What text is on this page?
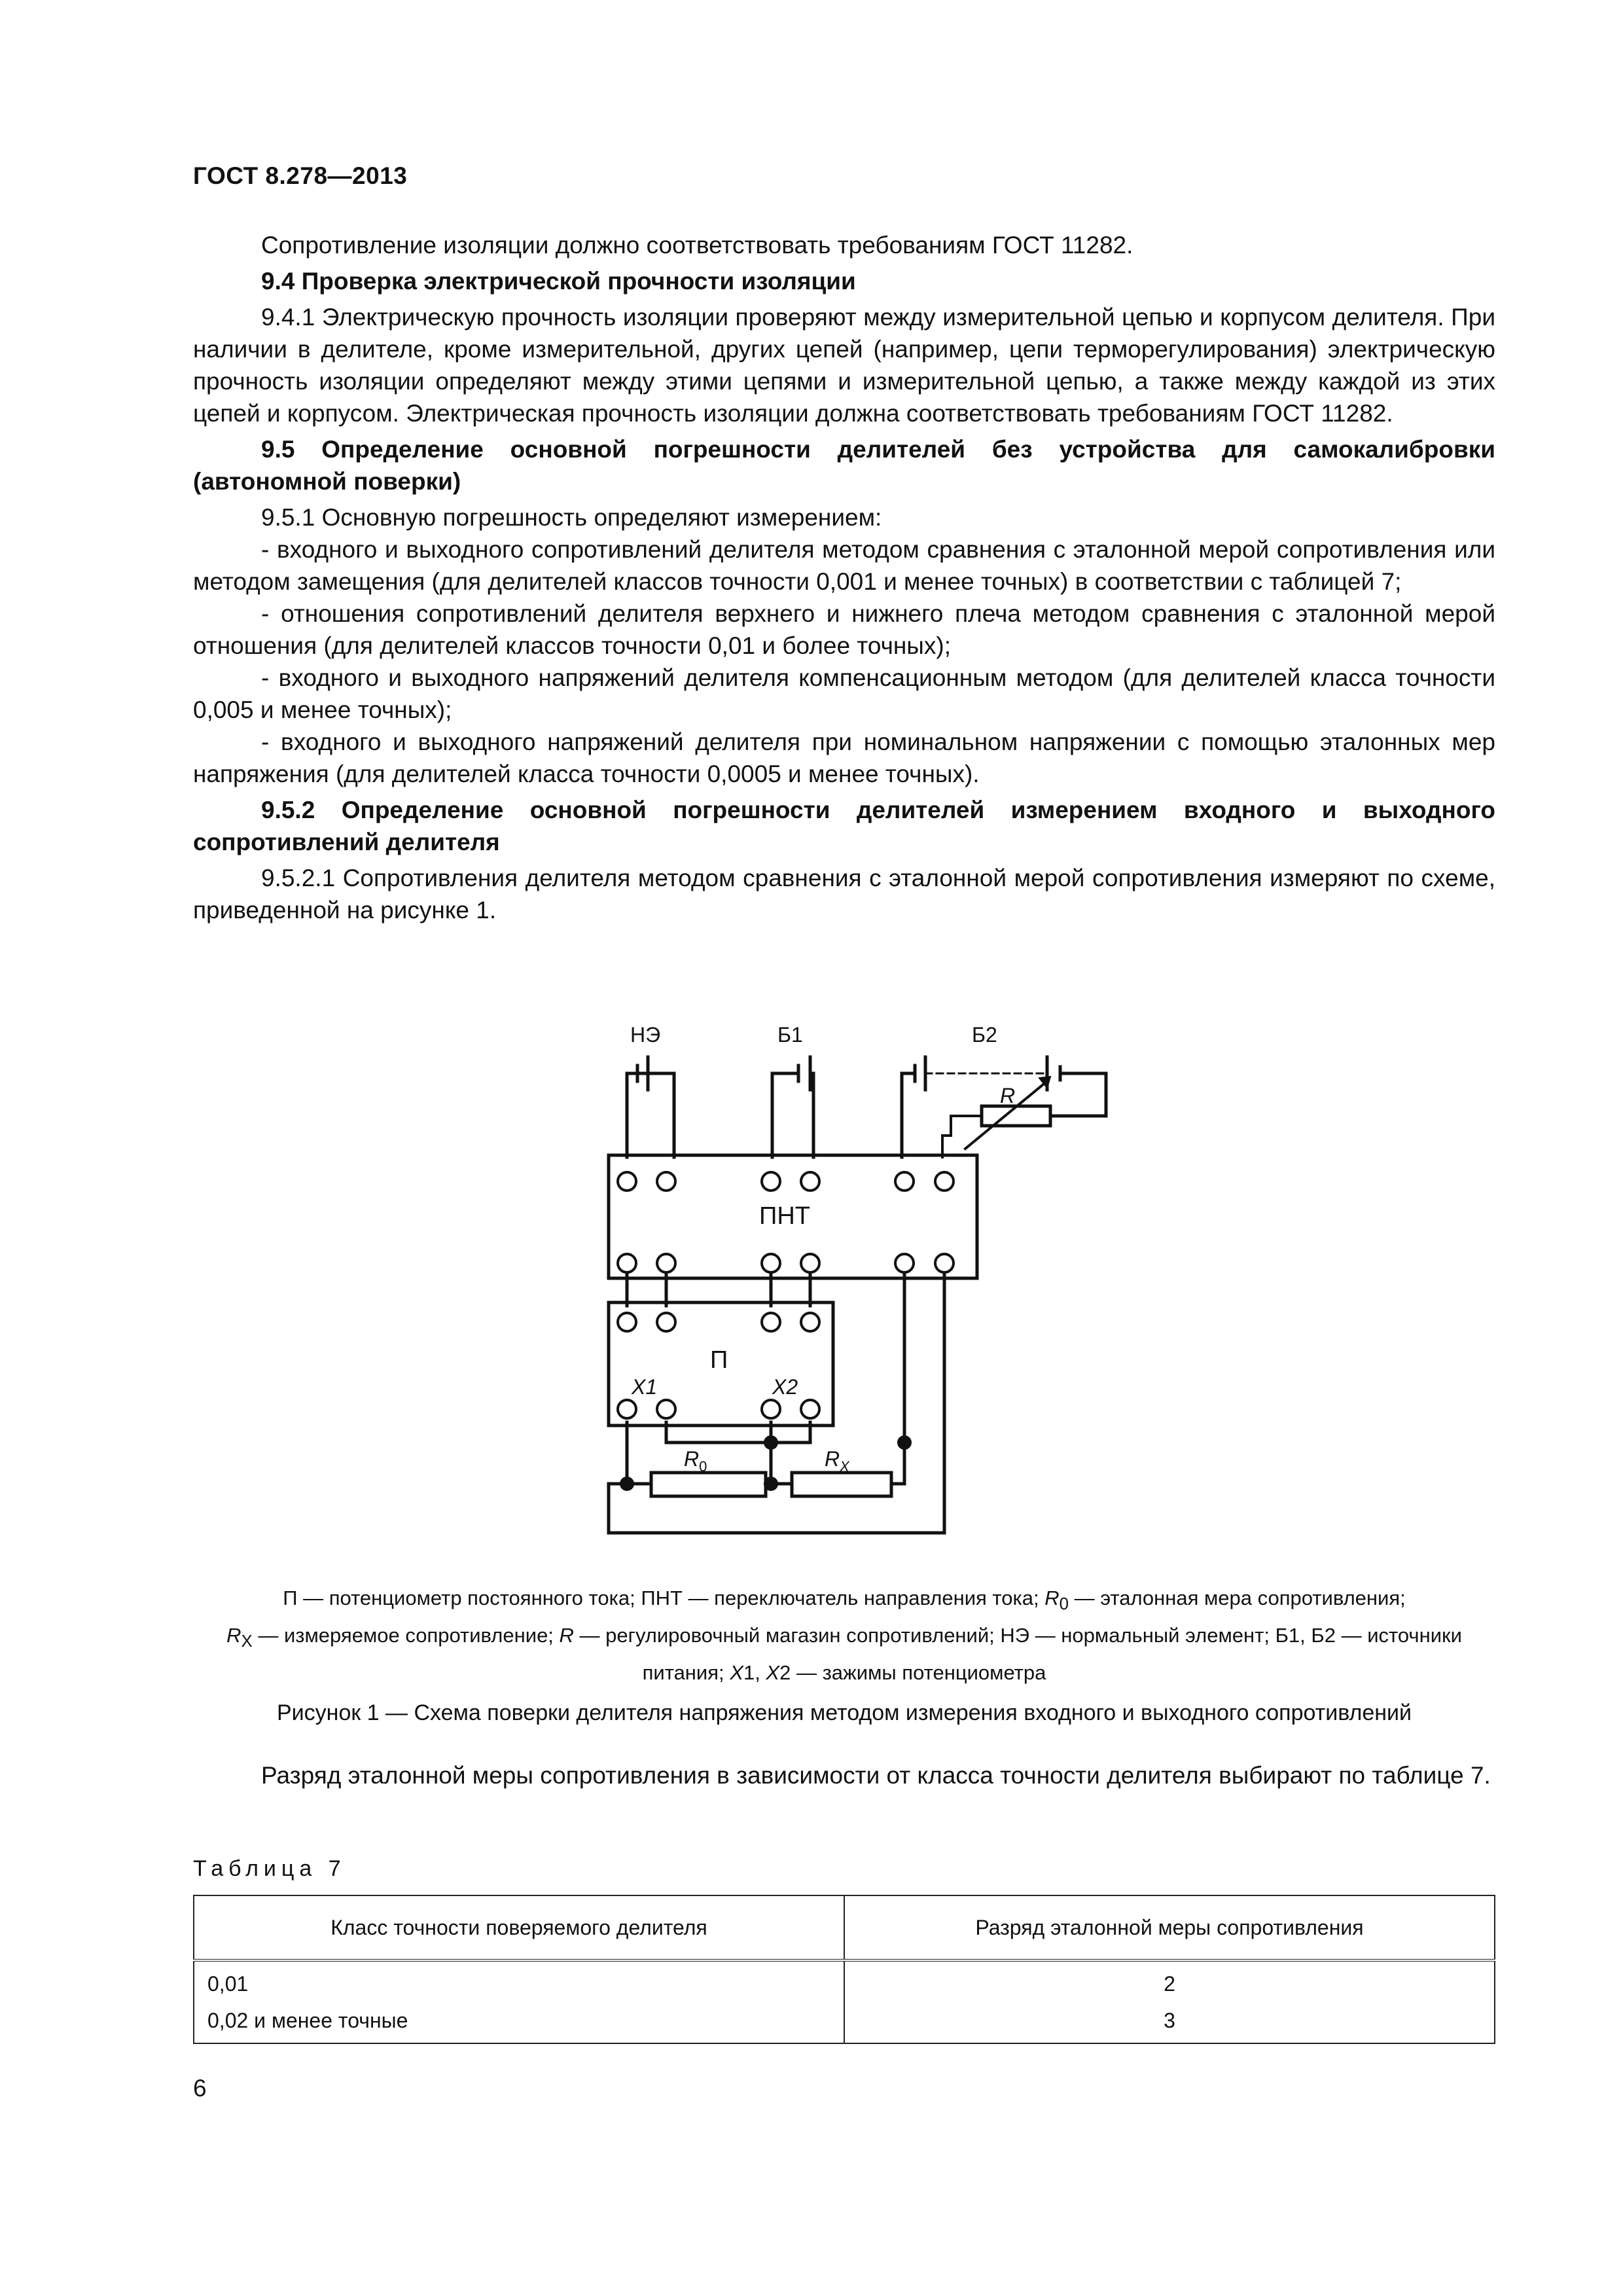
ГОСТ 8.278—2013

Сопротивление изоляции должно соответствовать требованиям ГОСТ 11282.

9.4 Проверка электрической прочности изоляции

9.4.1 Электрическую прочность изоляции проверяют между измерительной цепью и корпусом делителя. При наличии в делителе, кроме измерительной, других цепей (например, цепи терморегулирования) электрическую прочность изоляции определяют между этими цепями и измерительной цепью, а также между каждой из этих цепей и корпусом. Электрическая прочность изоляции должна соответствовать требованиям ГОСТ 11282.

9.5 Определение основной погрешности делителей без устройства для самокалибровки (автономной поверки)

9.5.1 Основную погрешность определяют измерением:

- входного и выходного сопротивлений делителя методом сравнения с эталонной мерой сопротивления или методом замещения (для делителей классов точности 0,001 и менее точных) в соответствии с таблицей 7;

- отношения сопротивлений делителя верхнего и нижнего плеча методом сравнения с эталонной мерой отношения (для делителей классов точности 0,01 и более точных);

- входного и выходного напряжений делителя компенсационным методом (для делителей класса точности 0,005 и менее точных);

- входного и выходного напряжений делителя при номинальном напряжении с помощью эталонных мер напряжения (для делителей класса точности 0,0005 и менее точных).

9.5.2 Определение основной погрешности делителей измерением входного и выходного сопротивлений делителя

9.5.2.1 Сопротивления делителя методом сравнения с эталонной мерой сопротивления измеряют по схеме, приведенной на рисунке 1.

НЭ	Б1	Б2
R
ПНТ
П
X1	X2
$R_0$	$R_X$
П — потенциометр постоянного тока; ПНТ — переключатель направления тока; $R_0$ — эталонная мера сопротивления;
$R_X$ — измеряемое сопротивление; R — регулировочный магазин сопротивлений; НЭ — нормальный элемент; Б1, Б2 — источники питания; X1, X2 — зажимы потенциометра
Рисунок 1 — Схема поверки делителя напряжения методом измерения входного и выходного сопротивлений

Разряд эталонной меры сопротивления в зависимости от класса точности делителя выбирают по таблице 7.

Таблица 7
Класс точности поверяемого делителя	Разряд эталонной меры сопротивления
0,01	2
0,02 и менее точные	3
6
